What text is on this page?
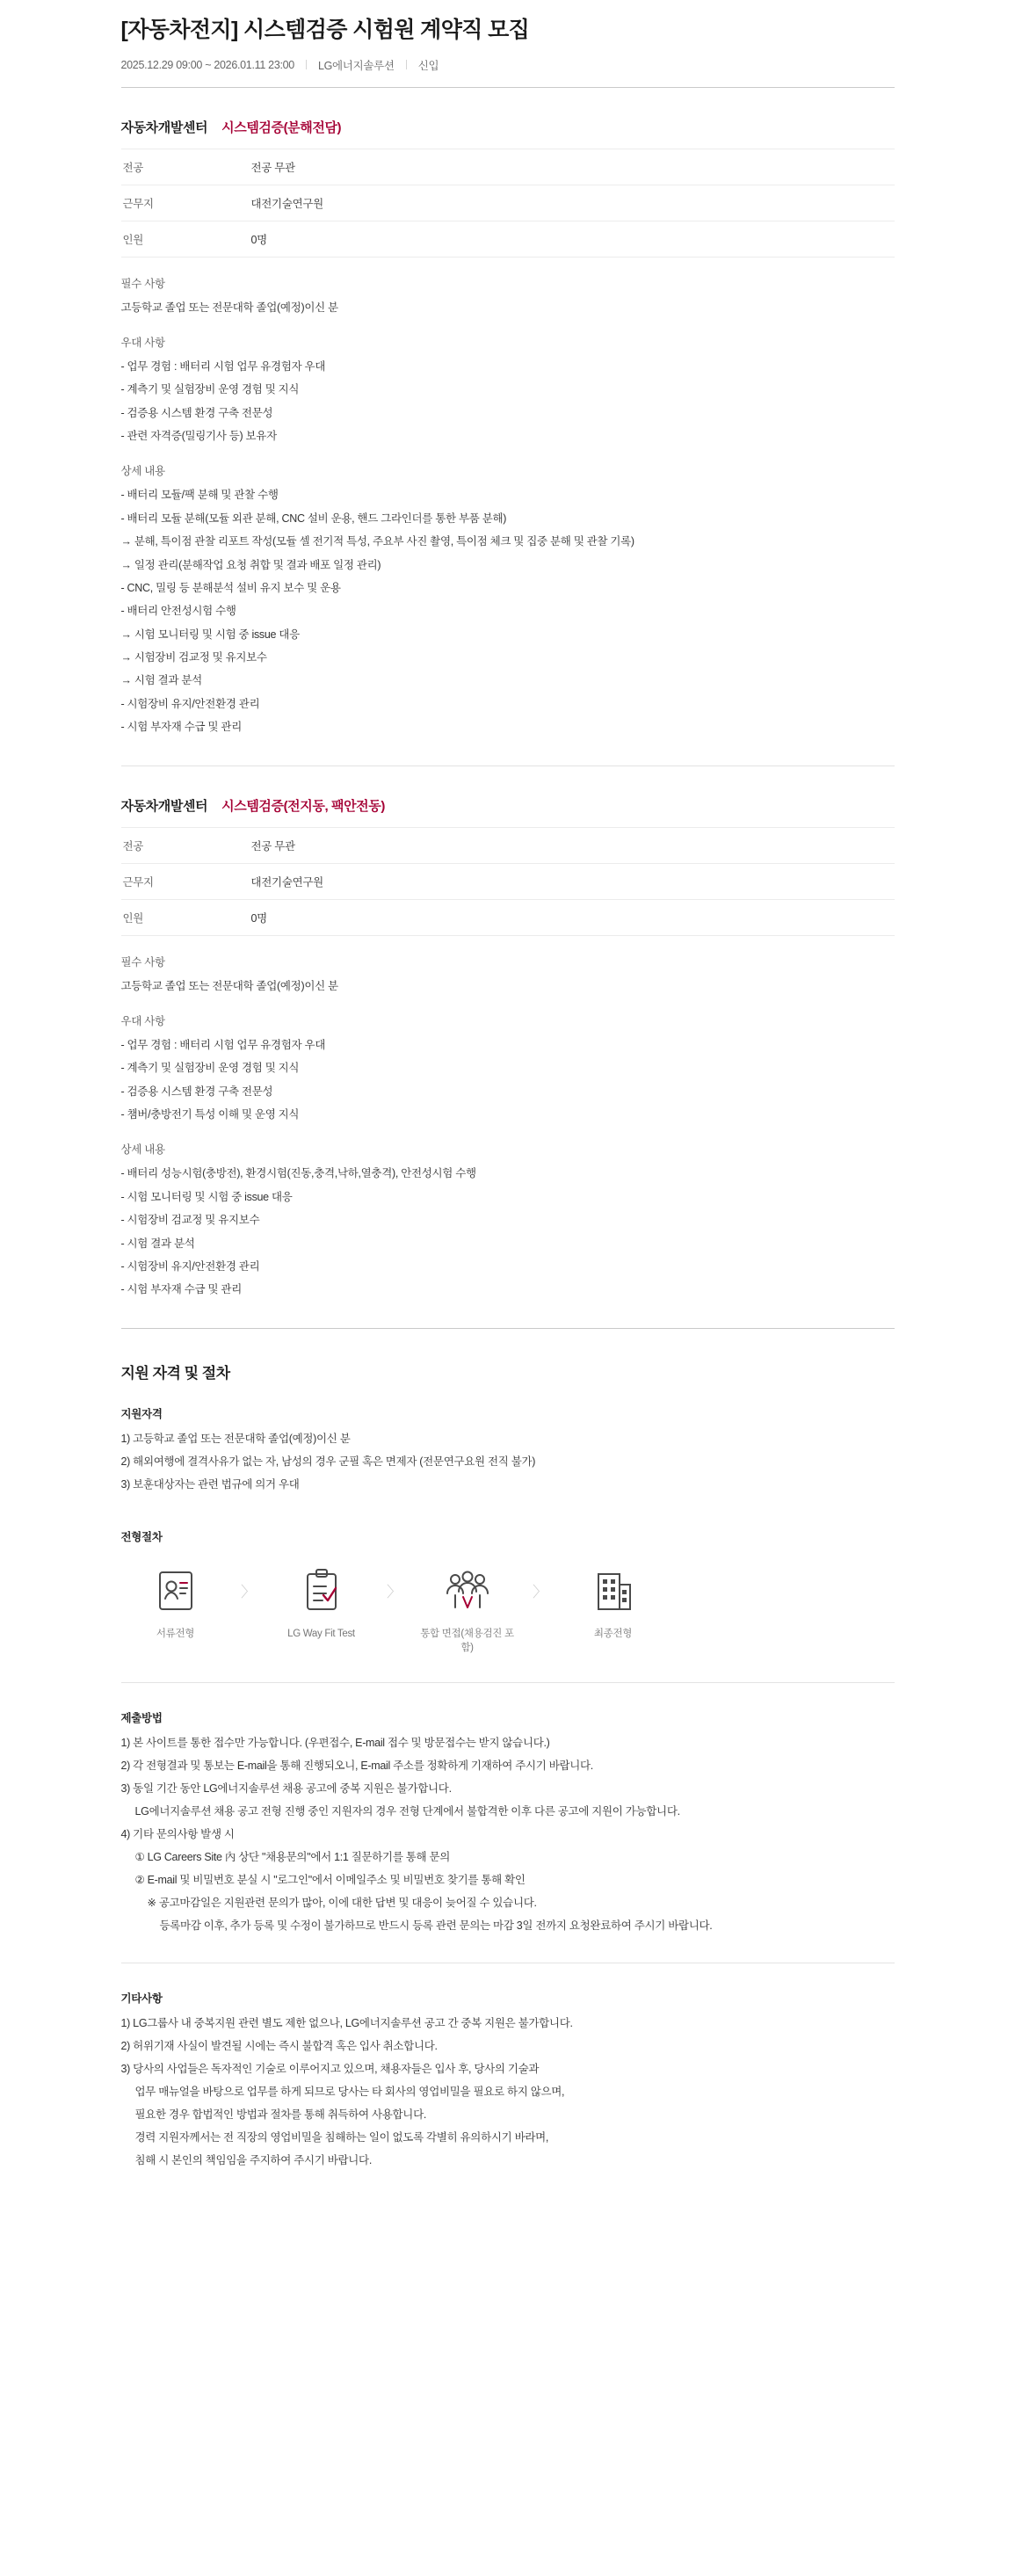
[자동차전지] 시스템검증 시험원 계약직 모집
2025.12.29 09:00 ~ 2026.01.11 23:00 LG에너지솔루션 신입
자동차개발센터 시스템검증(분해전담)
전공	전공 무관
근무지	대전기술연구원
인원	0명
필수 사항

고등학교 졸업 또는 전문대학 졸업(예정)이신 분

우대 사항

- 업무 경험 : 배터리 시험 업무 유경험자 우대

- 계측기 및 실험장비 운영 경험 및 지식

- 검증용 시스템 환경 구축 전문성

- 관련 자격증(밀링기사 등) 보유자

상세 내용

- 배터리 모듈/팩 분해 및 관찰 수행

- 배터리 모듈 분해(모듈 외관 분해, CNC 설비 운용, 핸드 그라인더를 통한 부품 분해)

→ 분해, 특이점 관찰 리포트 작성(모듈 셀 전기적 특성, 주요부 사진 촬영, 특이점 체크 및 집중 분해 및 관찰 기록)

→ 일정 관리(분해작업 요청 취합 및 결과 배포 일정 관리)

- CNC, 밀링 등 분해분석 설비 유지 보수 및 운용

- 배터리 안전성시험 수행

→ 시험 모니터링 및 시험 중 issue 대응

→ 시험장비 검교정 및 유지보수

→ 시험 결과 분석

- 시험장비 유지/안전환경 관리

- 시험 부자재 수급 및 관리

자동차개발센터 시스템검증(전지동, 팩안전동)
전공	전공 무관
근무지	대전기술연구원
인원	0명
필수 사항

고등학교 졸업 또는 전문대학 졸업(예정)이신 분

우대 사항

- 업무 경험 : 배터리 시험 업무 유경험자 우대

- 계측기 및 실험장비 운영 경험 및 지식

- 검증용 시스템 환경 구축 전문성

- 챔버/충방전기 특성 이해 및 운영 지식

상세 내용

- 배터리 성능시험(충방전), 환경시험(진동,충격,낙하,열충격), 안전성시험 수행

- 시험 모니터링 및 시험 중 issue 대응

- 시험장비 검교정 및 유지보수

- 시험 결과 분석

- 시험장비 유지/안전환경 관리

- 시험 부자재 수급 및 관리

지원 자격 및 절차
지원자격

1) 고등학교 졸업 또는 전문대학 졸업(예정)이신 분

2) 해외여행에 결격사유가 없는 자, 남성의 경우 군필 혹은 면제자 (전문연구요원 전직 불가)

3) 보훈대상자는 관련 법규에 의거 우대

전형절차
서류전형
〉
LG Way Fit Test
〉
통합 면접(채용검진 포함)
〉
최종전형
제출방법

1) 본 사이트를 통한 접수만 가능합니다. (우편접수, E-mail 접수 및 방문접수는 받지 않습니다.)

2) 각 전형결과 및 통보는 E-mail을 통해 진행되오니, E-mail 주소를 정확하게 기재하여 주시기 바랍니다.

3) 동일 기간 동안 LG에너지솔루션 채용 공고에 중복 지원은 불가합니다.

LG에너지솔루션 채용 공고 전형 진행 중인 지원자의 경우 전형 단계에서 불합격한 이후 다른 공고에 지원이 가능합니다.

4) 기타 문의사항 발생 시

① LG Careers Site 內 상단 "채용문의"에서 1:1 질문하기를 통해 문의

② E-mail 및 비밀번호 분실 시 "로그인"에서 이메일주소 및 비밀번호 찾기를 통해 확인

※ 공고마감일은 지원관련 문의가 많아, 이에 대한 답변 및 대응이 늦어질 수 있습니다.

등록마감 이후, 추가 등록 및 수정이 불가하므로 반드시 등록 관련 문의는 마감 3일 전까지 요청완료하여 주시기 바랍니다.

기타사항

1) LG그룹사 내 중복지원 관련 별도 제한 없으나, LG에너지솔루션 공고 간 중복 지원은 불가합니다.

2) 허위기재 사실이 발견될 시에는 즉시 불합격 혹은 입사 취소합니다.

3) 당사의 사업들은 독자적인 기술로 이루어지고 있으며, 채용자들은 입사 후, 당사의 기술과

업무 매뉴얼을 바탕으로 업무를 하게 되므로 당사는 타 회사의 영업비밀을 필요로 하지 않으며,

필요한 경우 합법적인 방법과 절차를 통해 취득하여 사용합니다.

경력 지원자께서는 전 직장의 영업비밀을 침해하는 일이 없도록 각별히 유의하시기 바라며,

침해 시 본인의 책임임을 주지하여 주시기 바랍니다.
